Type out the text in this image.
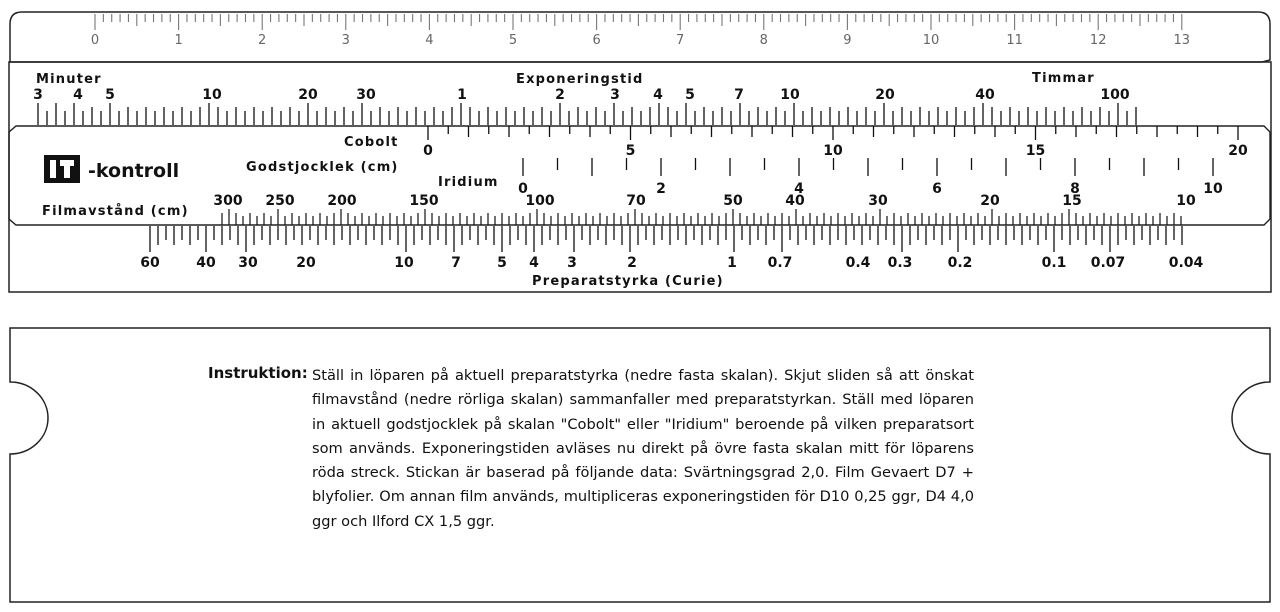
0	1	2	3	4	5	6	7	8	9	10	11	12	13
Minuter	Exponeringstid	Timmar
3 4 5	10	20	30	1	2	3 4 5	7	10	20	40	100
-kontroll
Cobolt
Godstjocklek (cm)
Iridium
Filmavstånd (cm)
0	5	10	15	20
0	2	4	6	8	10
300 250 200	150	100	70	50	40	30	20	15	10
60	40 30	20	10	7	5 4 3	2	1 0.7	0.4 0.3	0.2	0.1 0.07	0.04
Preparatstyrka (Curie)
Instruktion: Ställ in löparen på aktuell preparatstyrka (nedre fasta skalan). Skjut sliden så att önskat filmavstånd (nedre rörliga skalan) sammanfaller med preparatstyrkan. Ställ med löparen in aktuell godstjocklek på skalan "Cobolt" eller "Iridium" beroende på vilken preparatsort som används. Exponeringstiden avläses nu direkt på övre fasta skalan mitt för löparens röda streck. Stickan är baserad på följande data: Svärtningsgrad 2,0. Film Gevaert D7 + blyfolier. Om annan film används, multipliceras exponeringstiden för D10 0,25 ggr, D4 4,0 ggr och Ilford CX 1,5 ggr.
